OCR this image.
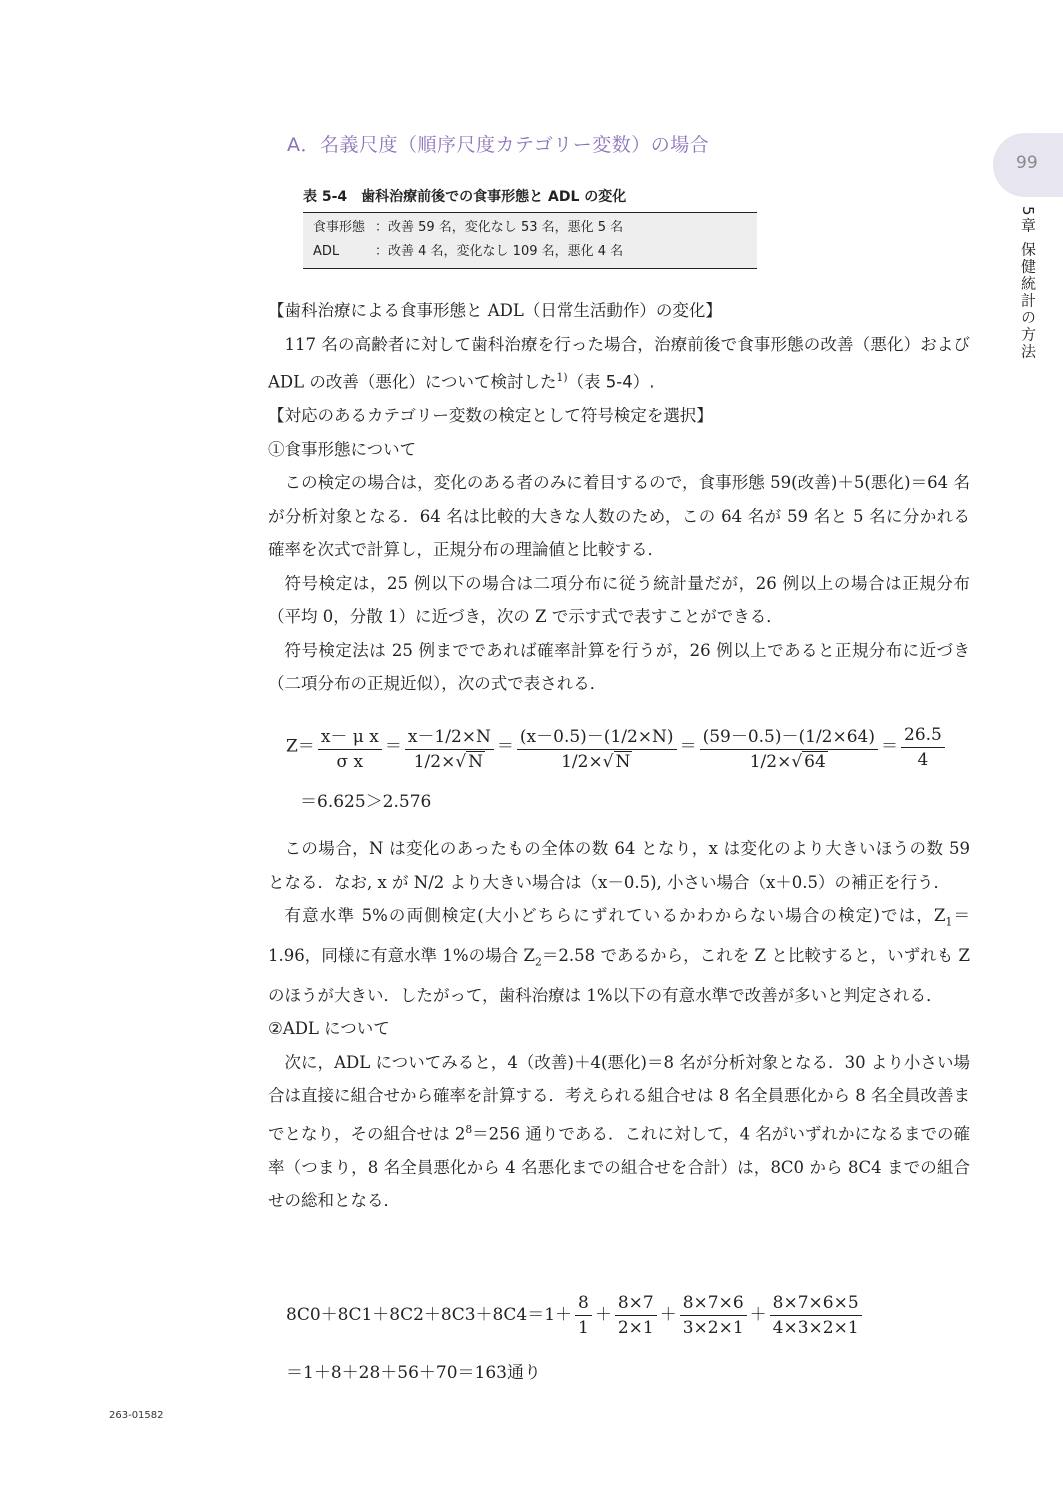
A．名義尺度（順序尺度カテゴリー変数）の場合
99
5章 保健統計の方法
表 5-4　歯科治療前後での食事形態と ADL の変化
食事形態 ：改善 59 名，変化なし 53 名，悪化 5 名
ADL	：改善 4 名，変化なし 109 名，悪化 4 名

【歯科治療による食事形態と ADL（日常生活動作）の変化】

117 名の高齢者に対して歯科治療を行った場合，治療前後で食事形態の改善（悪化）および ADL の改善（悪化）について検討した$^{1)}$（表 5-4）.

【対応のあるカテゴリー変数の検定として符号検定を選択】

①食事形態について

この検定の場合は，変化のある者のみに着目するので，食事形態 59(改善)＋5(悪化)＝64 名が分析対象となる．64 名は比較的大きな人数のため，この 64 名が 59 名と 5 名に分かれる確率を次式で計算し，正規分布の理論値と比較する．

符号検定は，25 例以下の場合は二項分布に従う統計量だが，26 例以上の場合は正規分布（平均 0，分散 1）に近づき，次の Z で示す式で表すことができる．

符号検定法は 25 例までであれば確率計算を行うが，26 例以上であると正規分布に近づき（二項分布の正規近似），次の式で表される．

$Z= \frac{\text{x－ μ x}}{\text{σ x}} = \frac{x-1/2\times N}{1/2\times√ N} = \frac{(x-0.5)-(1/2\times N)}{1/2\times√ N} = \frac{(59-0.5)-(1/2\times 64)}{1/2\times√ 64} = \frac{26.5}{4}$
＝6.625＞2.576

この場合，N は変化のあったもの全体の数 64 となり，x は変化のより大きいほうの数 59 となる．なお, x が N/2 より大きい場合は（x－0.5), 小さい場合（x＋0.5）の補正を行う．

有意水準 5%の両側検定(大小どちらにずれているかわからない場合の検定)では，$Z_1=1.96$，同様に有意水準 1%の場合 $Z_2=2.58$ であるから，これを Z と比較すると，いずれも Z のほうが大きい．したがって，歯科治療は 1%以下の有意水準で改善が多いと判定される．

②ADL について

次に，ADL についてみると，4（改善)＋4(悪化)＝8 名が分析対象となる．30 より小さい場合は直接に組合せから確率を計算する．考えられる組合せは 8 名全員悪化から 8 名全員改善までとなり，その組合せは $2^8=256$ 通りである．これに対して，4 名がいずれかになるまでの確率（つまり，8 名全員悪化から 4 名悪化までの組合せを合計）は，8C0 から 8C4 までの組合せの総和となる．

$8C0+8C1+8C2+8C3+8C4=1+ \frac{8}{1} + \frac{8\times 7}{2\times 1} + \frac{8\times 7\times 6}{3\times 2\times 1} + \frac{8\times 7\times 6\times 5}{4\times 3\times 2\times 1}$
＝1＋8＋28＋56＋70＝163通り
263-01582
